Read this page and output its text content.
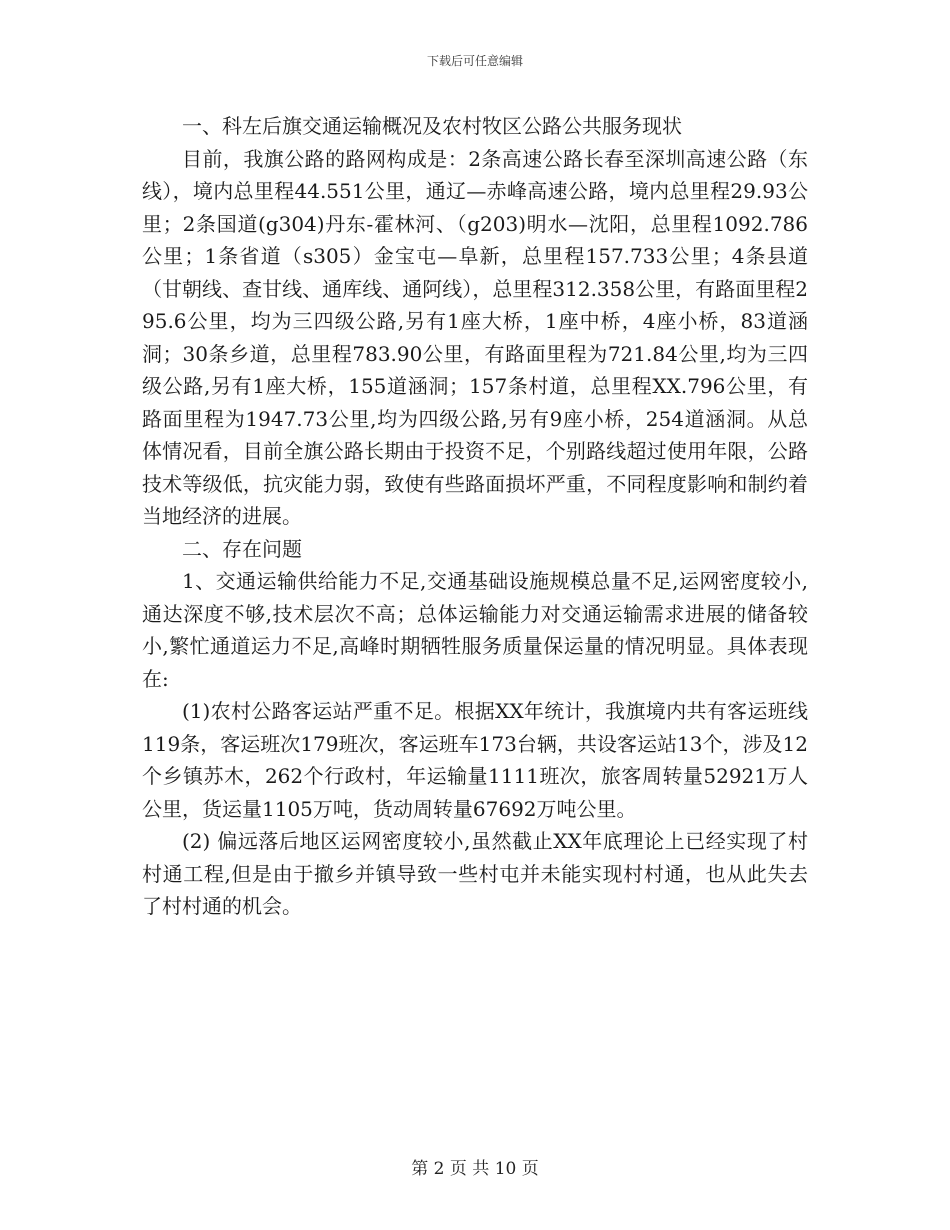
下载后可任意编辑

一、科左后旗交通运输概况及农村牧区公路公共服务现状

目前，我旗公路的路网构成是：2条高速公路长春至深圳高速公路（东线），境内总里程44.551公里，通辽—赤峰高速公路，境内总里程29.93公里；2条国道(g304)丹东-霍林河、（g203)明水—沈阳，总里程1092.786公里；1条省道（s305）金宝屯—阜新，总里程157.733公里；4条县道（甘朝线、查甘线、通库线、通阿线），总里程312.358公里，有路面里程295.6公里，均为三四级公路,另有1座大桥，1座中桥，4座小桥，83道涵洞；30条乡道，总里程783.90公里，有路面里程为721.84公里,均为三四级公路,另有1座大桥，155道涵洞；157条村道，总里程XX.796公里，有路面里程为1947.73公里,均为四级公路,另有9座小桥，254道涵洞。从总体情况看，目前全旗公路长期由于投资不足，个别路线超过使用年限，公路技术等级低，抗灾能力弱，致使有些路面损坏严重，不同程度影响和制约着当地经济的进展。

二、存在问题

1、交通运输供给能力不足,交通基础设施规模总量不足,运网密度较小,通达深度不够,技术层次不高；总体运输能力对交通运输需求进展的储备较小,繁忙通道运力不足,高峰时期牺牲服务质量保运量的情况明显。具体表现在:

(1)农村公路客运站严重不足。根据XX年统计，我旗境内共有客运班线119条，客运班次179班次，客运班车173台辆，共设客运站13个，涉及12个乡镇苏木，262个行政村，年运输量1111班次，旅客周转量52921万人公里，货运量1105万吨，货动周转量67692万吨公里。

(2) 偏远落后地区运网密度较小,虽然截止XX年底理论上已经实现了村村通工程,但是由于撤乡并镇导致一些村屯并未能实现村村通，也从此失去了村村通的机会。

第 2 页 共 10 页
